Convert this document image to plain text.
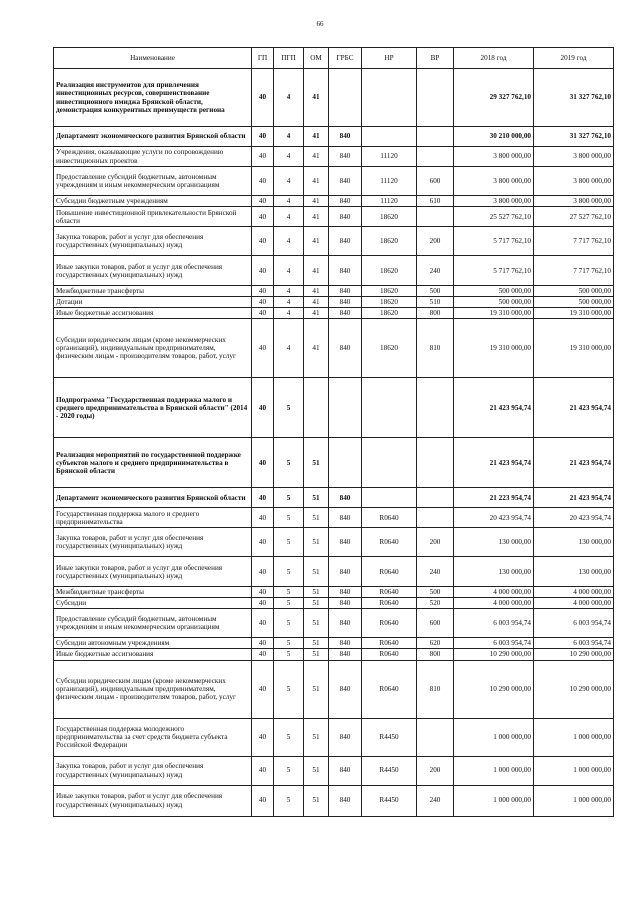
66
Наименование	ГП	ПГП	ОМ	ГРБС	НР	ВР	2018 год	2019 год
Реализация инструментов для привлечения инвестиционных ресурсов, совершенствование инвестиционного имиджа Брянской области, демонстрация конкурентных преимуществ региона	40	4	41				29 327 762,10	31 327 762,10
Департамент экономического развития Брянской области	40	4	41	840			30 210 000,00	31 327 762,10
Учреждения, оказывающие услуги по сопровождению инвестиционных проектов	40	4	41	840	11120		3 800 000,00	3 800 000,00
Предоставление субсидий бюджетным, автономным учреждениям и иным некоммерческим организациям	40	4	41	840	11120	600	3 800 000,00	3 800 000,00
Субсидии бюджетным учреждениям	40	4	41	840	11120	610	3 800 000,00	3 800 000,00
Повышение инвестиционной привлекательности Брянской области	40	4	41	840	18620		25 527 762,10	27 527 762,10
Закупка товаров, работ и услуг для обеспечения государственных (муниципальных) нужд	40	4	41	840	18620	200	5 717 762,10	7 717 762,10
Иные закупки товаров, работ и услуг для обеспечения государственных (муниципальных) нужд	40	4	41	840	18620	240	5 717 762,10	7 717 762,10
Межбюджетные трансферты	40	4	41	840	18620	500	500 000,00	500 000,00
Дотации	40	4	41	840	18620	510	500 000,00	500 000,00
Иные бюджетные ассигнования	40	4	41	840	18620	800	19 310 000,00	19 310 000,00
Субсидии юридическим лицам (кроме некоммерческих организаций), индивидуальным предпринимателям, физическим лицам - производителям товаров, работ, услуг	40	4	41	840	18620	810	19 310 000,00	19 310 000,00
Подпрограмма "Государственная поддержка малого и среднего предпринимательства в Брянской области" (2014 - 2020 годы)	40	5					21 423 954,74	21 423 954,74
Реализация мероприятий по государственной поддержке субъектов малого и среднего предпринимательства в Брянской области	40	5	51				21 423 954,74	21 423 954,74
Департамент экономического развития Брянской области	40	5	51	840			21 223 954,74	21 423 954,74
Государственная поддержка малого и среднего предпринимательства	40	5	51	840	R0640		20 423 954,74	20 423 954,74
Закупка товаров, работ и услуг для обеспечения государственных (муниципальных) нужд	40	5	51	840	R0640	200	130 000,00	130 000,00
Иные закупки товаров, работ и услуг для обеспечения государственных (муниципальных) нужд	40	5	51	840	R0640	240	130 000,00	130 000,00
Межбюджетные трансферты	40	5	51	840	R0640	500	4 000 000,00	4 000 000,00
Субсидии	40	5	51	840	R0640	520	4 000 000,00	4 000 000,00
Предоставление субсидий бюджетным, автономным учреждениям и иным некоммерческим организациям	40	5	51	840	R0640	600	6 003 954,74	6 003 954,74
Субсидии автономным учреждениям	40	5	51	840	R0640	620	6 003 954,74	6 003 954,74
Иные бюджетные ассигнования	40	5	51	840	R0640	800	10 290 000,00	10 290 000,00
Субсидии юридическим лицам (кроме некоммерческих организаций), индивидуальным предпринимателям, физическим лицам - производителям товаров, работ, услуг	40	5	51	840	R0640	810	10 290 000,00	10 290 000,00
Государственная поддержка молодежного предпринимательства за счет средств бюджета субъекта Российской Федерации	40	5	51	840	R4450		1 000 000,00	1 000 000,00
Закупка товаров, работ и услуг для обеспечения государственных (муниципальных) нужд	40	5	51	840	R4450	200	1 000 000,00	1 000 000,00
Иные закупки товаров, работ и услуг для обеспечения государственных (муниципальных) нужд	40	5	51	840	R4450	240	1 000 000,00	1 000 000,00
